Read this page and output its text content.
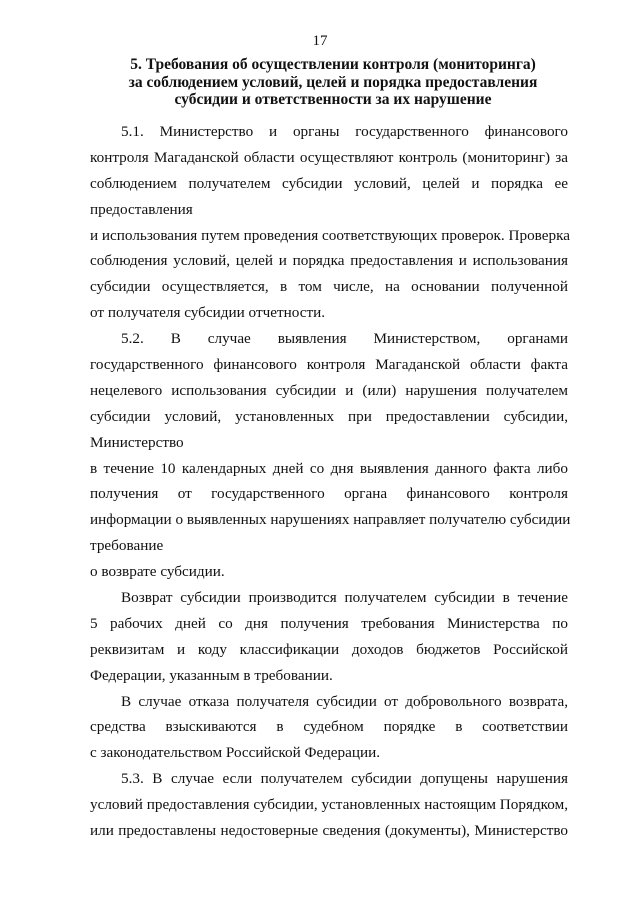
17
5. Требования об осуществлении контроля (мониторинга)
за соблюдением условий, целей и порядка предоставления
субсидии и ответственности за их нарушение
5.1. Министерство и органы государственного финансового
контроля Магаданской области осуществляют контроль (мониторинг) за
соблюдением получателем субсидии условий, целей и порядка ее
предоставления
и использования путем проведения соответствующих проверок. Проверка
соблюдения условий, целей и порядка предоставления и использования
субсидии осуществляется, в том числе, на основании полученной
от получателя субсидии отчетности.
5.2. В случае выявления Министерством, органами
государственного финансового контроля Магаданской области факта
нецелевого использования субсидии и (или) нарушения получателем
субсидии условий, установленных при предоставлении субсидии,
Министерство
в течение 10 календарных дней со дня выявления данного факта либо
получения от государственного органа финансового контроля
информации о выявленных нарушениях направляет получателю субсидии
требование
о возврате субсидии.
Возврат субсидии производится получателем субсидии в течение
5 рабочих дней со дня получения требования Министерства по
реквизитам и коду классификации доходов бюджетов Российской
Федерации, указанным в требовании.
В случае отказа получателя субсидии от добровольного возврата,
средства взыскиваются в судебном порядке в соответствии
с законодательством Российской Федерации.
5.3. В случае если получателем субсидии допущены нарушения
условий предоставления субсидии, установленных настоящим Порядком,
или предоставлены недостоверные сведения (документы), Министерство
